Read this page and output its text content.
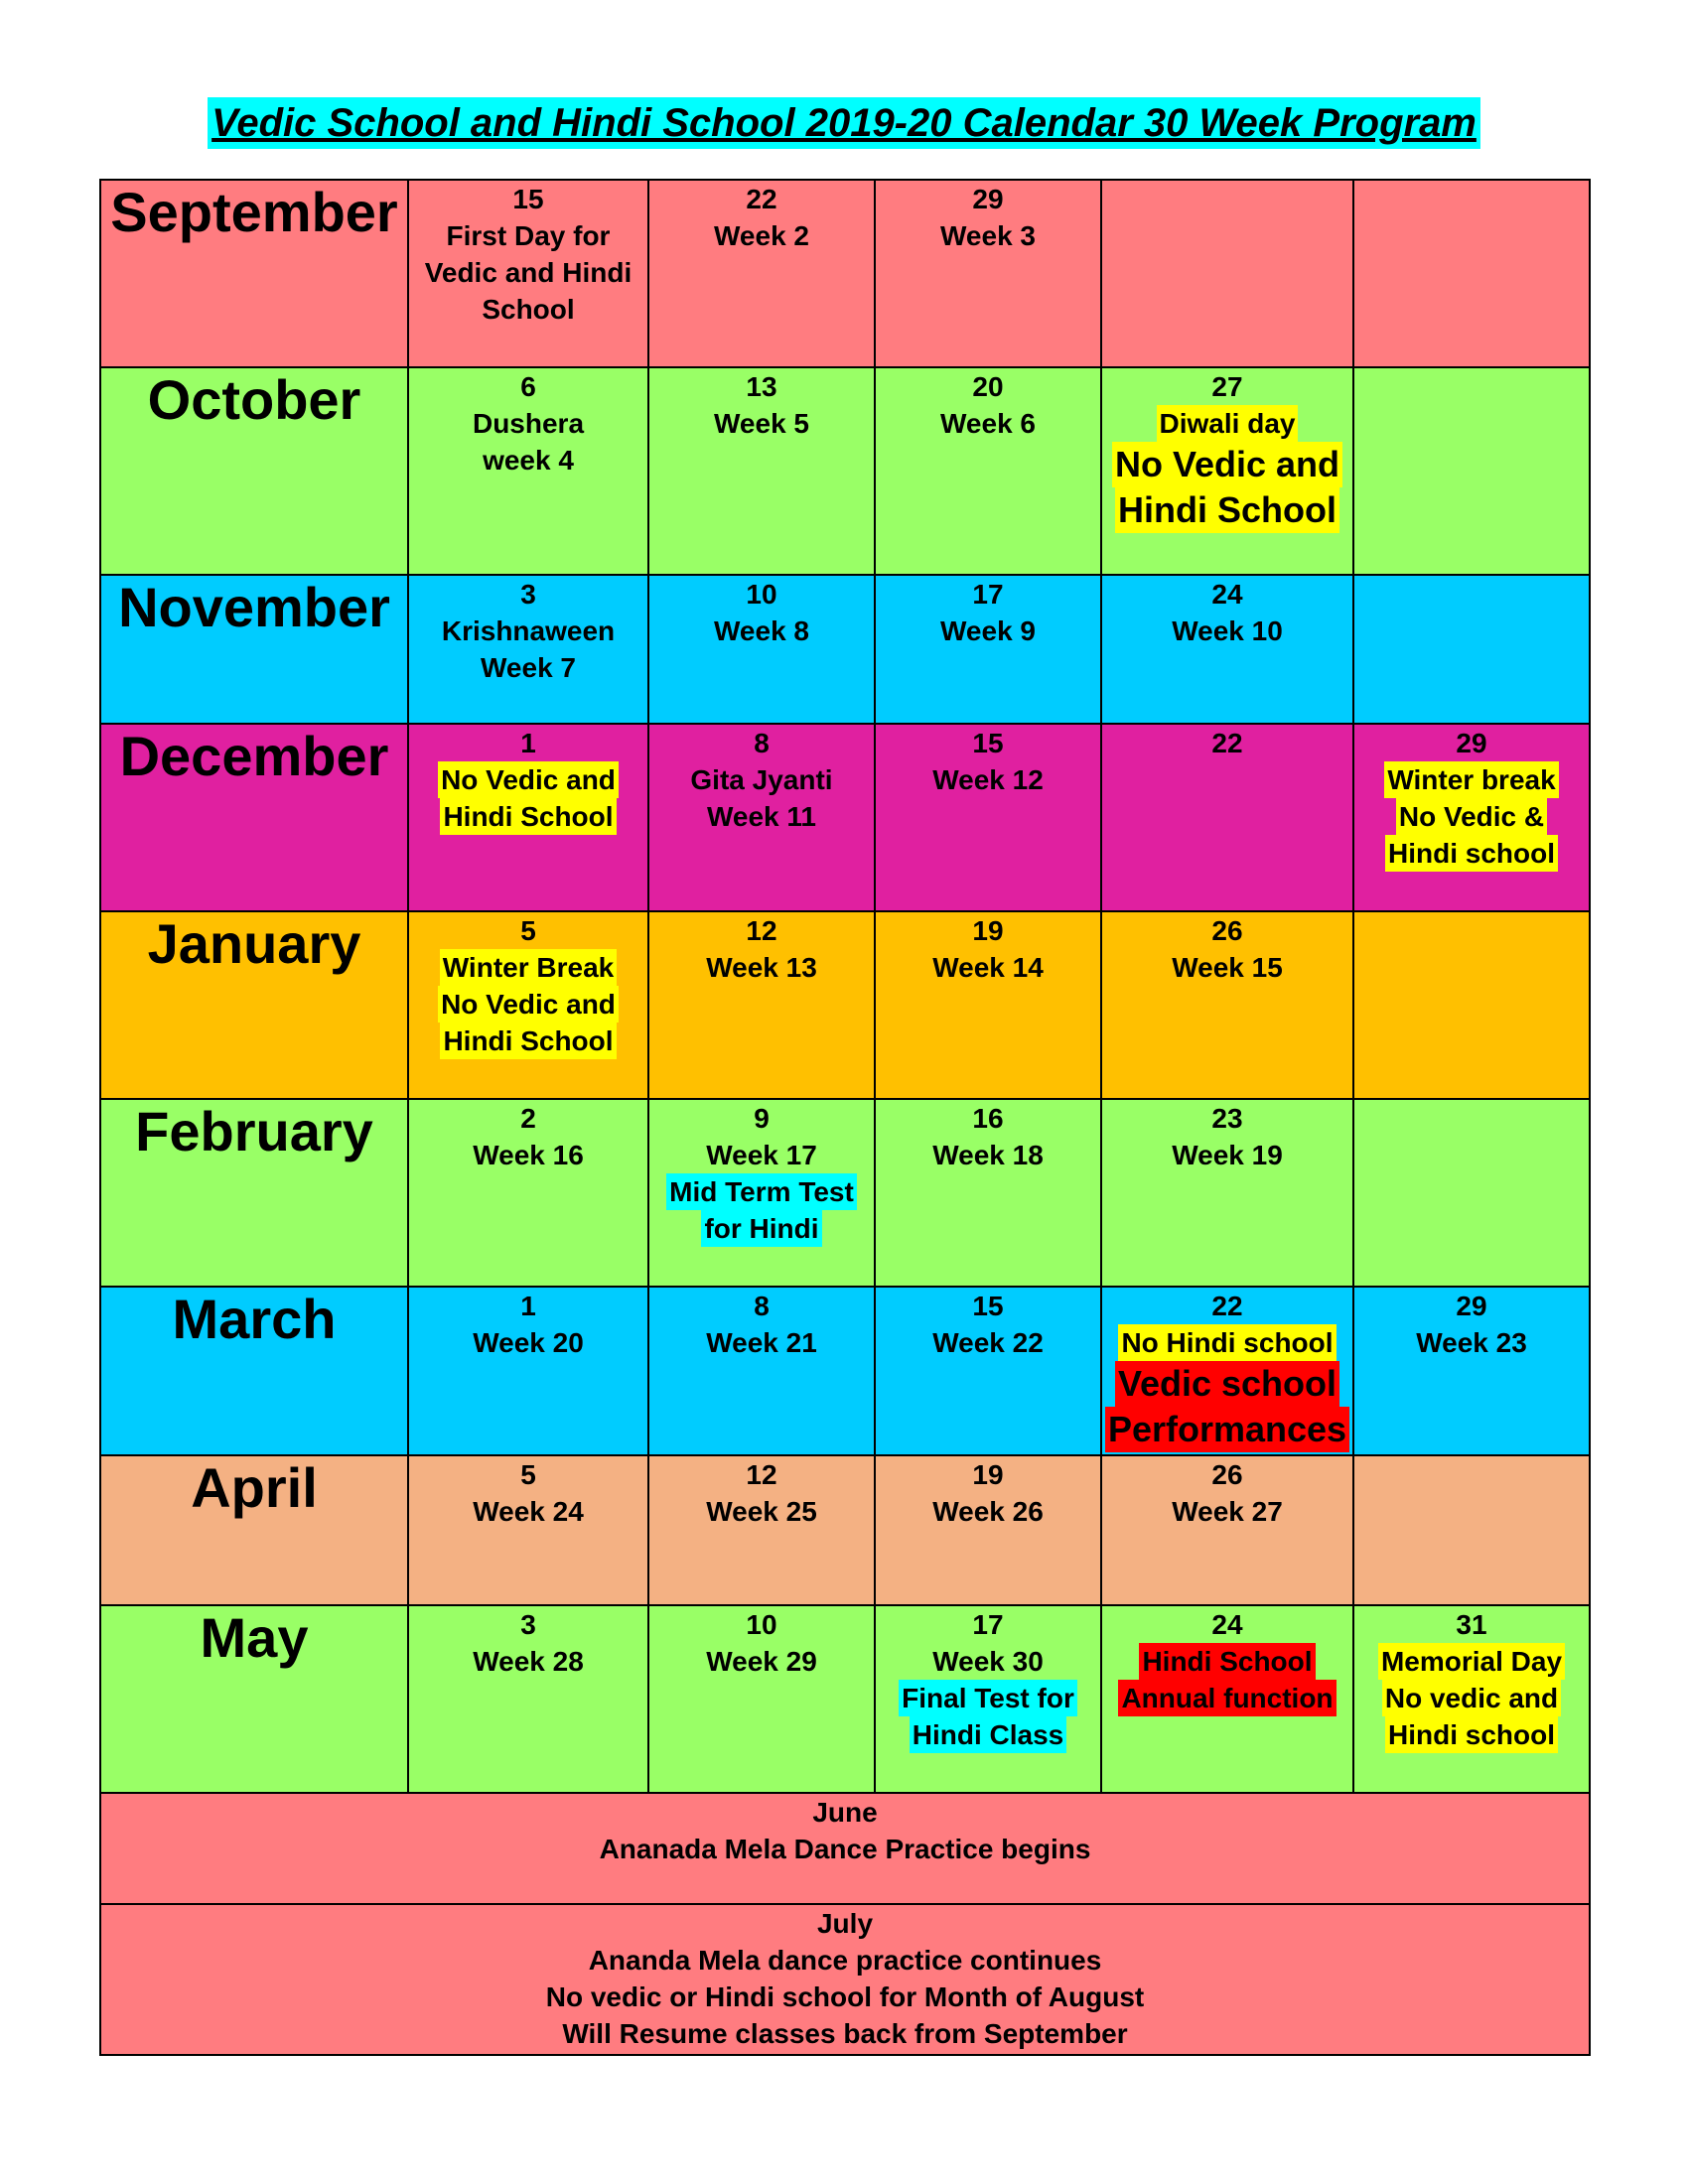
Vedic School and Hindi School 2019-20 Calendar 30 Week Program
September	15
First Day for
Vedic and Hindi
School	22
Week 2	29
Week 3		

October	6
Dushera
week 4	13
Week 5	20
Week 6	27
Diwali day
No Vedic and
Hindi School	

November	3
Krishnaween
Week 7	10
Week 8	17
Week 9	24
Week 10	

December	1
No Vedic and
Hindi School	8
Gita Jyanti
Week 11	15
Week 12	22	29
Winter break
No Vedic &
Hindi school

January	5
Winter Break
No Vedic and
Hindi School	12
Week 13	19
Week 14	26
Week 15	

February	2
Week 16	9
Week 17
Mid Term Test
for Hindi	16
Week 18	23
Week 19	

March	1
Week 20	8
Week 21	15
Week 22	22
No Hindi school
Vedic school
Performances	29
Week 23

April	5
Week 24	12
Week 25	19
Week 26	26
Week 27	

May	3
Week 28	10
Week 29	17
Week 30
Final Test for
Hindi Class	24
Hindi School
Annual function	31
Memorial Day
No vedic and
Hindi school

June
Ananada Mela Dance Practice begins					

July
Ananda Mela dance practice continues
No vedic or Hindi school for Month of August
Will Resume classes back from September					
